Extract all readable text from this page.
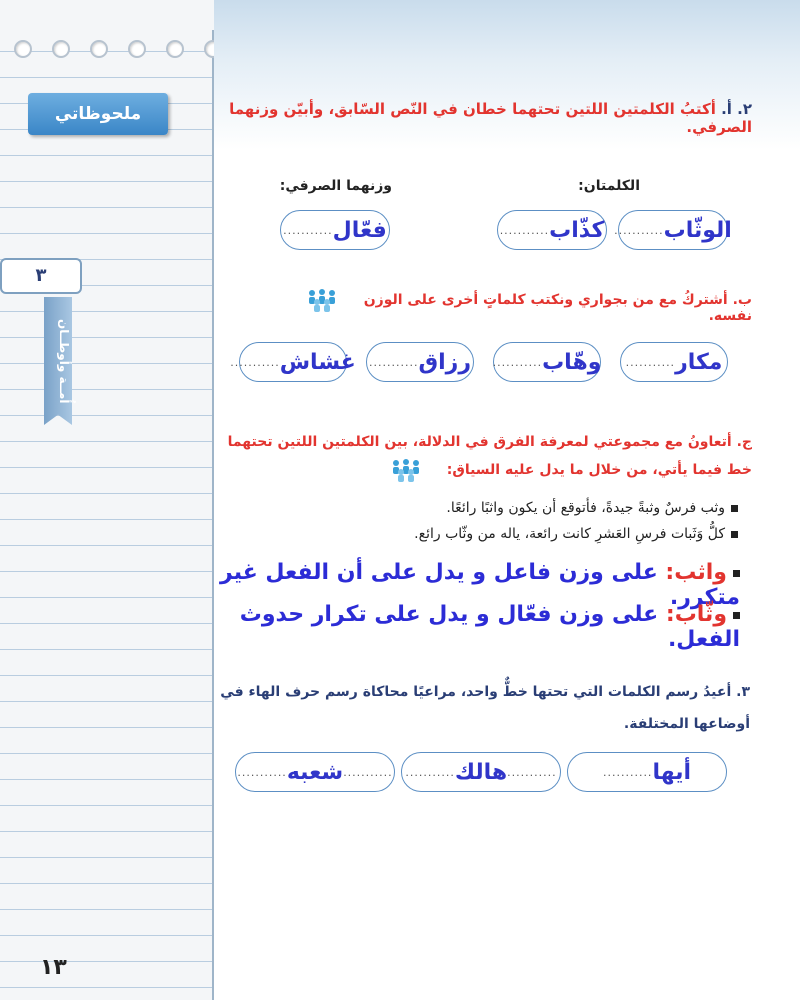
ملحوظاتي
٣
أُمــة وأوطــان
١٣
٢. أ. أكتبُ الكلمتين اللتين تحتهما خطان في النّص السّابق، وأبيّن وزنهما الصرفي.
الكلمتان:
وزنهما الصرفي:
الوثّاب
...........
كذّاب
...........
فعّال
...........
ب. أشتركُ مع من بجواري ونكتب كلماتٍ أخرى على الوزن نفسه.
مكار
...........
وهّاب
...........
رزاق
...........
غشاش
...........
ج. أتعاونُ مع مجموعتي لمعرفة الفرق في الدلالة، بين الكلمتين اللتين تحتهما
خط فيما يأتي، من خلال ما يدل عليه السياق:
وثب فرسٌ وثبةً جيدةً، فأتوقع أن يكون واثبًا رائعًا.
كلُّ وَثَبات فرسِ العَشرِ كانت رائعة، ياله من وثّاب رائع.
واثب: على وزن فاعل و يدل على أن الفعل غير متكرر.
وثّاب: على وزن فعّال و يدل على تكرار حدوث الفعل.
٣. أعيدُ رسم الكلمات التي تحتها خطٌّ واحد، مراعيًا محاكاة رسم حرف الهاء في
أوضاعها المختلفة.
أيها
...........
...........
هالك
...........
...........
شعبه
...........
